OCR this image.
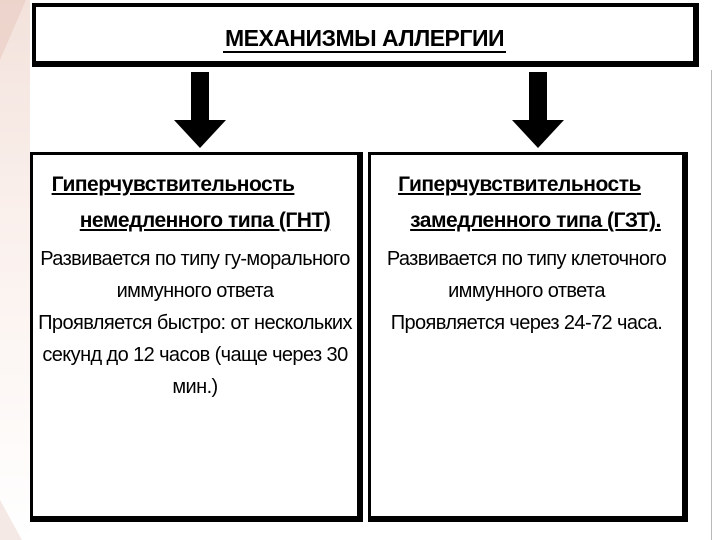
МЕХАНИЗМЫ АЛЛЕРГИИ
Гиперчувствительность
немедленного типа (ГНТ)
Развивается по типу гу-морального
иммунного ответа
Проявляется быстро: от нескольких
секунд до 12 часов (чаще через 30
мин.)
Гиперчувствительность
замедленного типа (ГЗТ).
Развивается по типу клеточного
иммунного ответа
Проявляется через 24-72 часа.
